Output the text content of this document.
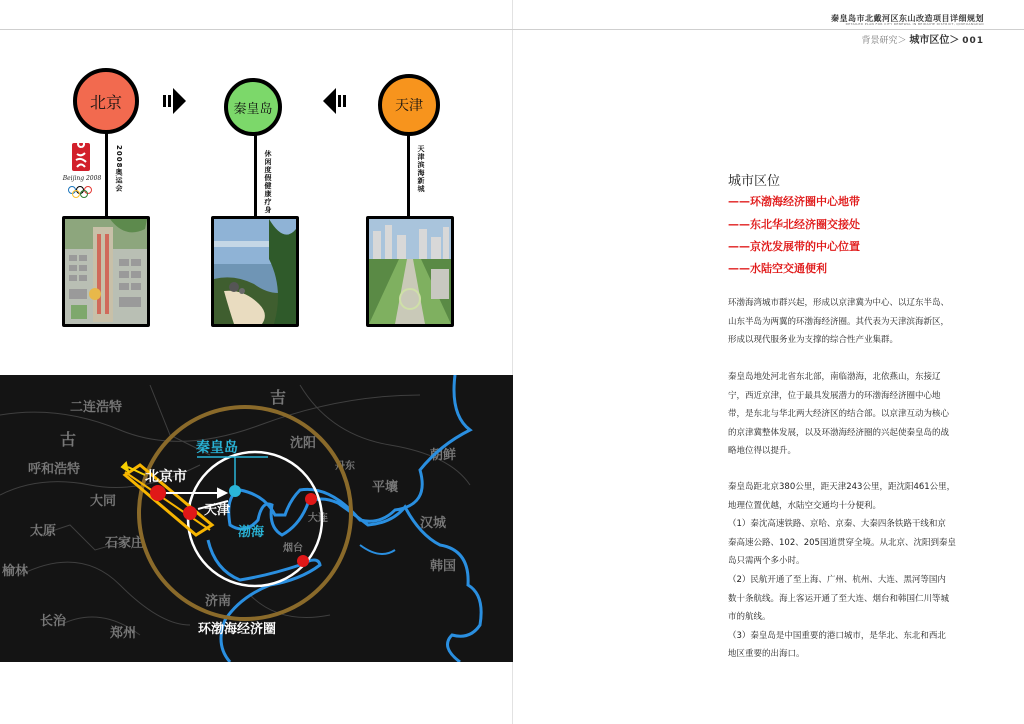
秦皇岛市北戴河区东山改造项目详细规划
DETAILED PLAN FOR CITY RENEWAL IN BEIDAIHE DISTRICT, QINHUANGDAO
背景研究＞ 城市区位＞ 001
北京
Beijing 2008 2008奥运会
秦皇岛
休闲度假健康疗身
天津
天津滨海新城
二连浩特
呼和浩特
大同
石家庄
济南
太原
长治
榆林
郑州
沈阳
平壤
朝鲜
汉城
丹东
大连
烟台
韩国
吉
古	秦皇岛
北京市
天津
渤海
环渤海经济圈
城市区位
——环渤海经济圈中心地带
——东北华北经济圈交接处
——京沈发展带的中心位置
——水陆空交通便利

环渤海湾城市群兴起，形成以京津冀为中心、以辽东半岛、

山东半岛为两翼的环渤海经济圈。其代表为天津滨海新区，

形成以现代服务业为支撑的综合性产业集群。

秦皇岛地处河北省东北部，南临渤海，北依燕山，东接辽

宁，西近京津，位于最具发展潜力的环渤海经济圈中心地

带，是东北与华北两大经济区的结合部。以京津互动为核心

的京津冀整体发展，以及环渤海经济圈的兴起使秦皇岛的战

略地位得以提升。

秦皇岛距北京380公里，距天津243公里，距沈阳461公里，

地理位置优越，水陆空交通均十分便利。

（1）秦沈高速铁路、京哈、京秦、大秦四条铁路干线和京

秦高速公路、102、205国道贯穿全境。从北京、沈阳到秦皇

岛只需两个多小时。

（2）民航开通了至上海、广州、杭州、大连、黑河等国内

数十条航线。海上客运开通了至大连、烟台和韩国仁川等城

市的航线。

（3）秦皇岛是中国重要的港口城市，是华北、东北和西北

地区重要的出海口。
